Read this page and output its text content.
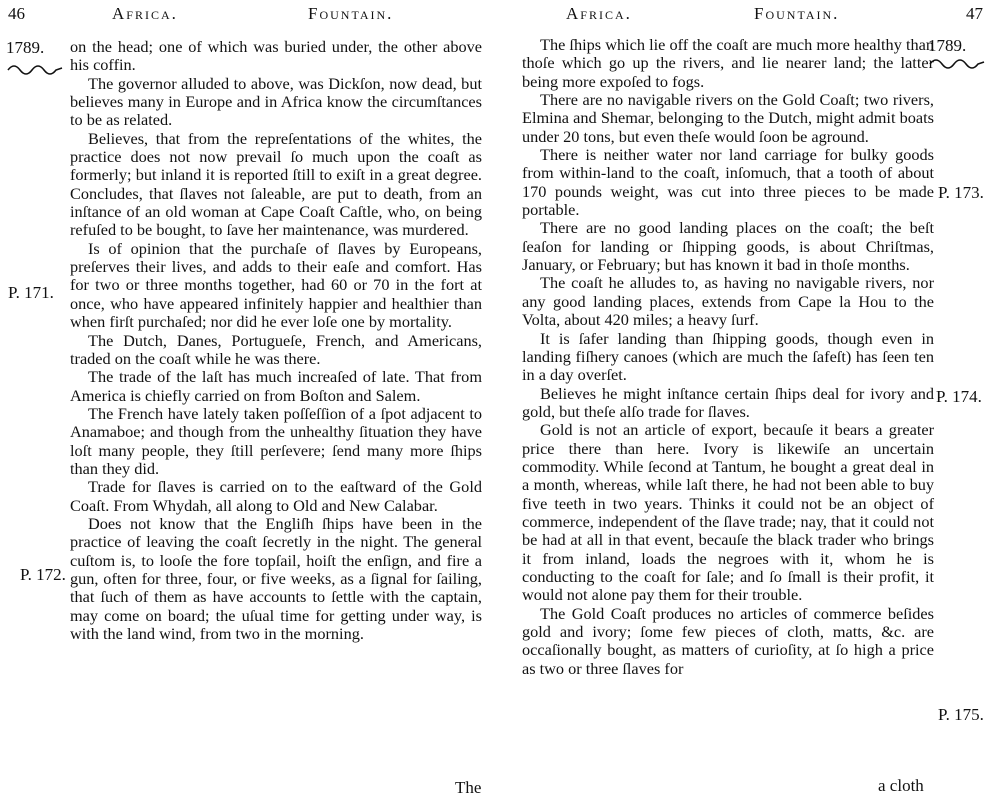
46	Africa.	Fountain.
1789.
P. 171.
P. 172.

on the head; one of which was buried under, the other above his coffin.

The governor alluded to above, was Dickſon, now dead, but believes many in Europe and in Africa know the circumſtances to be as related.

Believes, that from the repreſentations of the whites, the practice does not now prevail ſo much upon the coaſt as formerly; but inland it is reported ſtill to exiſt in a great degree. Concludes, that ſlaves not ſaleable, are put to death, from an inſtance of an old woman at Cape Coaſt Caſtle, who, on being refuſed to be bought, to ſave her maintenance, was murdered.

Is of opinion that the purchaſe of ſlaves by Europeans, preſerves their lives, and adds to their eaſe and comfort. Has for two or three months together, had 60 or 70 in the fort at once, who have appeared infinitely happier and healthier than when firſt purchaſed; nor did he ever loſe one by mortality.

The Dutch, Danes, Portugueſe, French, and Americans, traded on the coaſt while he was there.

The trade of the laſt has much increaſed of late. That from America is chiefly carried on from Boſton and Salem.

The French have lately taken poſſeſſion of a ſpot adjacent to Anamaboe; and though from the unhealthy ſituation they have loſt many people, they ſtill perſevere; ſend many more ſhips than they did.

Trade for ſlaves is carried on to the eaſtward of the Gold Coaſt. From Whydah, all along to Old and New Calabar.

Does not know that the Engliſh ſhips have been in the practice of leaving the coaſt ſecretly in the night. The general cuſtom is, to looſe the fore topſail, hoiſt the enſign, and fire a gun, often for three, four, or five weeks, as a ſignal for ſailing, that ſuch of them as have accounts to ſettle with the captain, may come on board; the uſual time for getting under way, is with the land wind, from two in the morning.

The
Africa.	Fountain.	47
1789.
P. 173.
P. 174.
P. 175.

The ſhips which lie off the coaſt are much more healthy than thoſe which go up the rivers, and lie nearer land; the latter being more expoſed to fogs.

There are no navigable rivers on the Gold Coaſt; two rivers, Elmina and Shemar, belonging to the Dutch, might admit boats under 20 tons, but even theſe would ſoon be aground.

There is neither water nor land carriage for bulky goods from within-land to the coaſt, inſomuch, that a tooth of about 170 pounds weight, was cut into three pieces to be made portable.

There are no good landing places on the coaſt; the beſt ſeaſon for landing or ſhipping goods, is about Chriſtmas, January, or February; but has known it bad in thoſe months.

The coaſt he alludes to, as having no navigable rivers, nor any good landing places, extends from Cape la Hou to the Volta, about 420 miles; a heavy ſurf.

It is ſafer landing than ſhipping goods, though even in landing fiſhery canoes (which are much the ſafeſt) has ſeen ten in a day overſet.

Believes he might inſtance certain ſhips deal for ivory and gold, but theſe alſo trade for ſlaves.

Gold is not an article of export, becauſe it bears a greater price there than here. Ivory is likewiſe an uncertain commodity. While ſecond at Tantum, he bought a great deal in a month, whereas, while laſt there, he had not been able to buy five teeth in two years. Thinks it could not be an object of commerce, independent of the ſlave trade; nay, that it could not be had at all in that event, becauſe the black trader who brings it from inland, loads the negroes with it, whom he is conducting to the coaſt for ſale; and ſo ſmall is their profit, it would not alone pay them for their trouble.

The Gold Coaſt produces no articles of commerce beſides gold and ivory; ſome few pieces of cloth, matts, &c. are occaſionally bought, as matters of curioſity, at ſo high a price as two or three ſlaves for

a cloth
